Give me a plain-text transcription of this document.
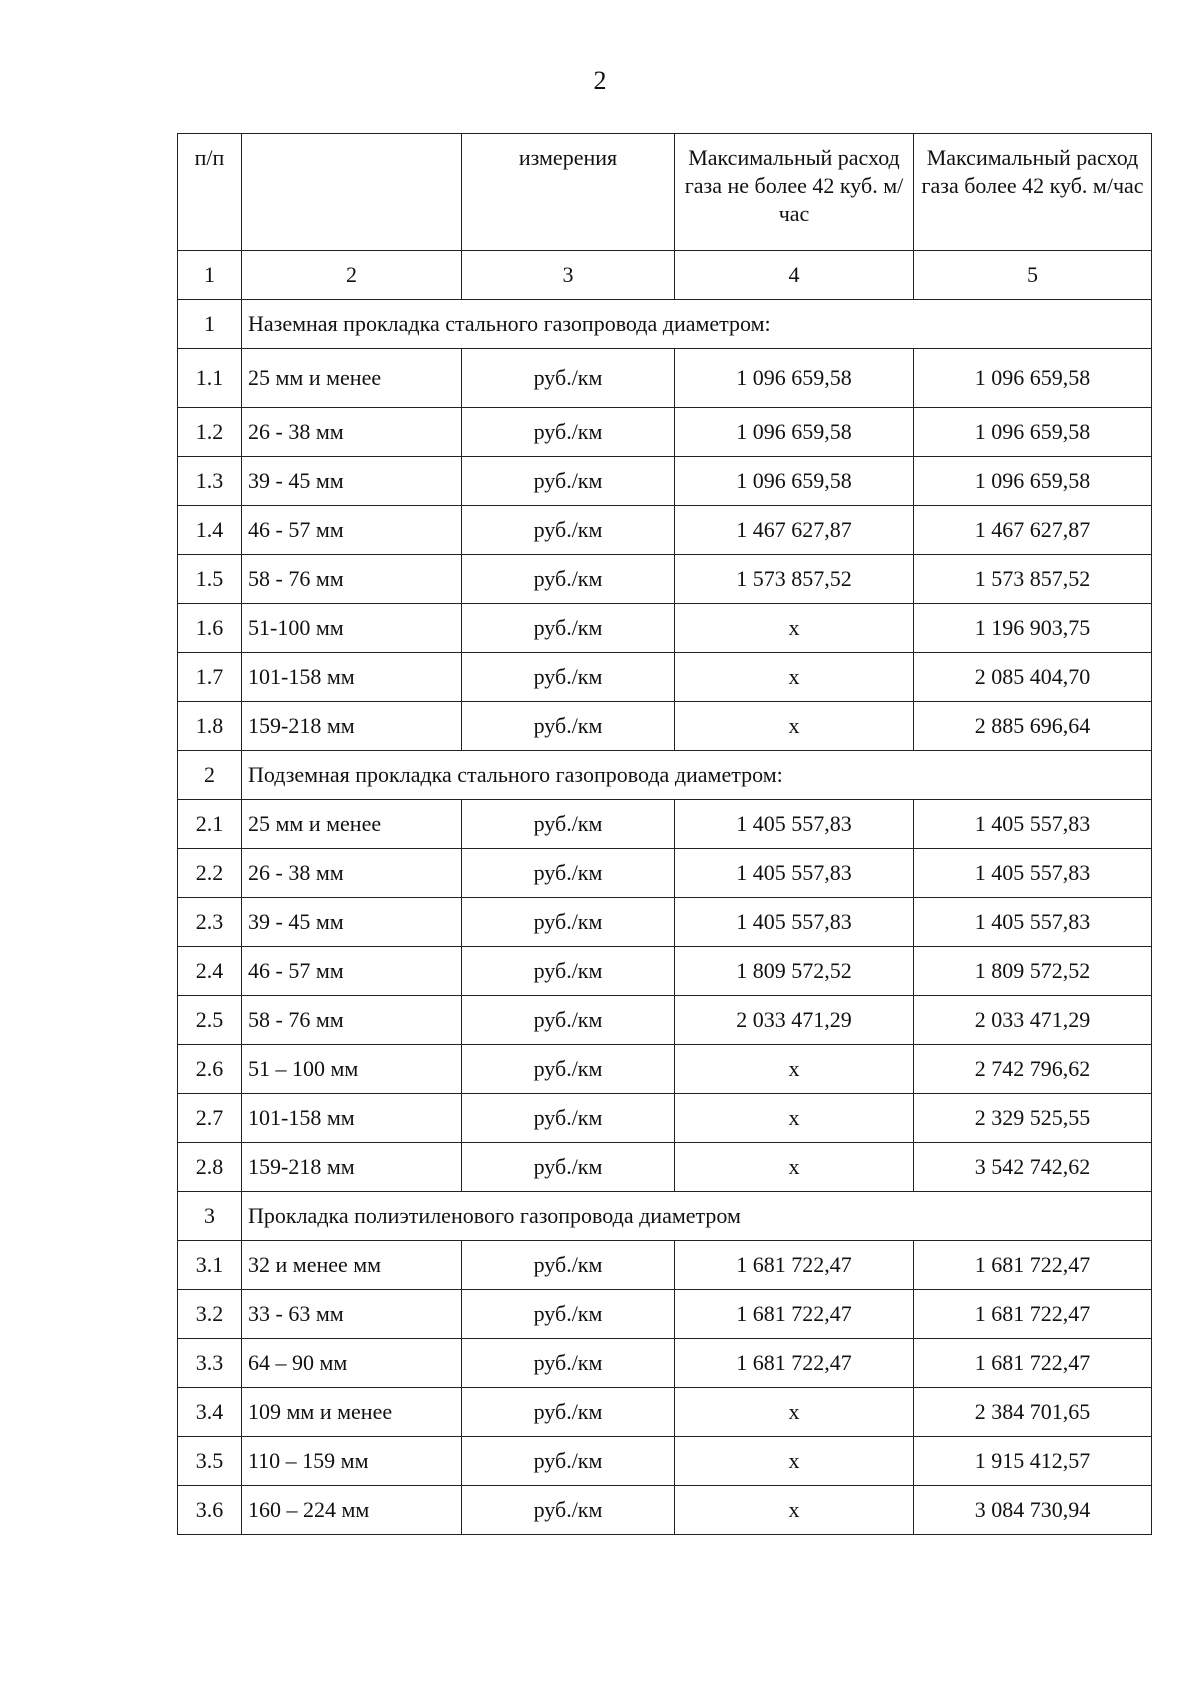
2
п/п		измерения	Максимальный расход газа не более 42 куб. м/час	Максимальный расход газа более 42 куб. м/час
1	2	3	4	5
1	Наземная прокладка стального газопровода диаметром:			
1.1	25 мм и менее	руб./км	1 096 659,58	1 096 659,58
1.2	26 - 38 мм	руб./км	1 096 659,58	1 096 659,58
1.3	39 - 45 мм	руб./км	1 096 659,58	1 096 659,58
1.4	46 - 57 мм	руб./км	1 467 627,87	1 467 627,87
1.5	58 - 76 мм	руб./км	1 573 857,52	1 573 857,52
1.6	51-100 мм	руб./км	х	1 196 903,75
1.7	101-158 мм	руб./км	х	2 085 404,70
1.8	159-218 мм	руб./км	х	2 885 696,64
2	Подземная прокладка стального газопровода диаметром:			
2.1	25 мм и менее	руб./км	1 405 557,83	1 405 557,83
2.2	26 - 38 мм	руб./км	1 405 557,83	1 405 557,83
2.3	39 - 45 мм	руб./км	1 405 557,83	1 405 557,83
2.4	46 - 57 мм	руб./км	1 809 572,52	1 809 572,52
2.5	58 - 76 мм	руб./км	2 033 471,29	2 033 471,29
2.6	51 – 100 мм	руб./км	х	2 742 796,62
2.7	101-158 мм	руб./км	х	2 329 525,55
2.8	159-218 мм	руб./км	х	3 542 742,62
3	Прокладка полиэтиленового газопровода диаметром			
3.1	32 и менее мм	руб./км	1 681 722,47	1 681 722,47
3.2	33 - 63 мм	руб./км	1 681 722,47	1 681 722,47
3.3	64 – 90 мм	руб./км	1 681 722,47	1 681 722,47
3.4	109 мм и менее	руб./км	х	2 384 701,65
3.5	110 – 159 мм	руб./км	х	1 915 412,57
3.6	160 – 224 мм	руб./км	х	3 084 730,94
